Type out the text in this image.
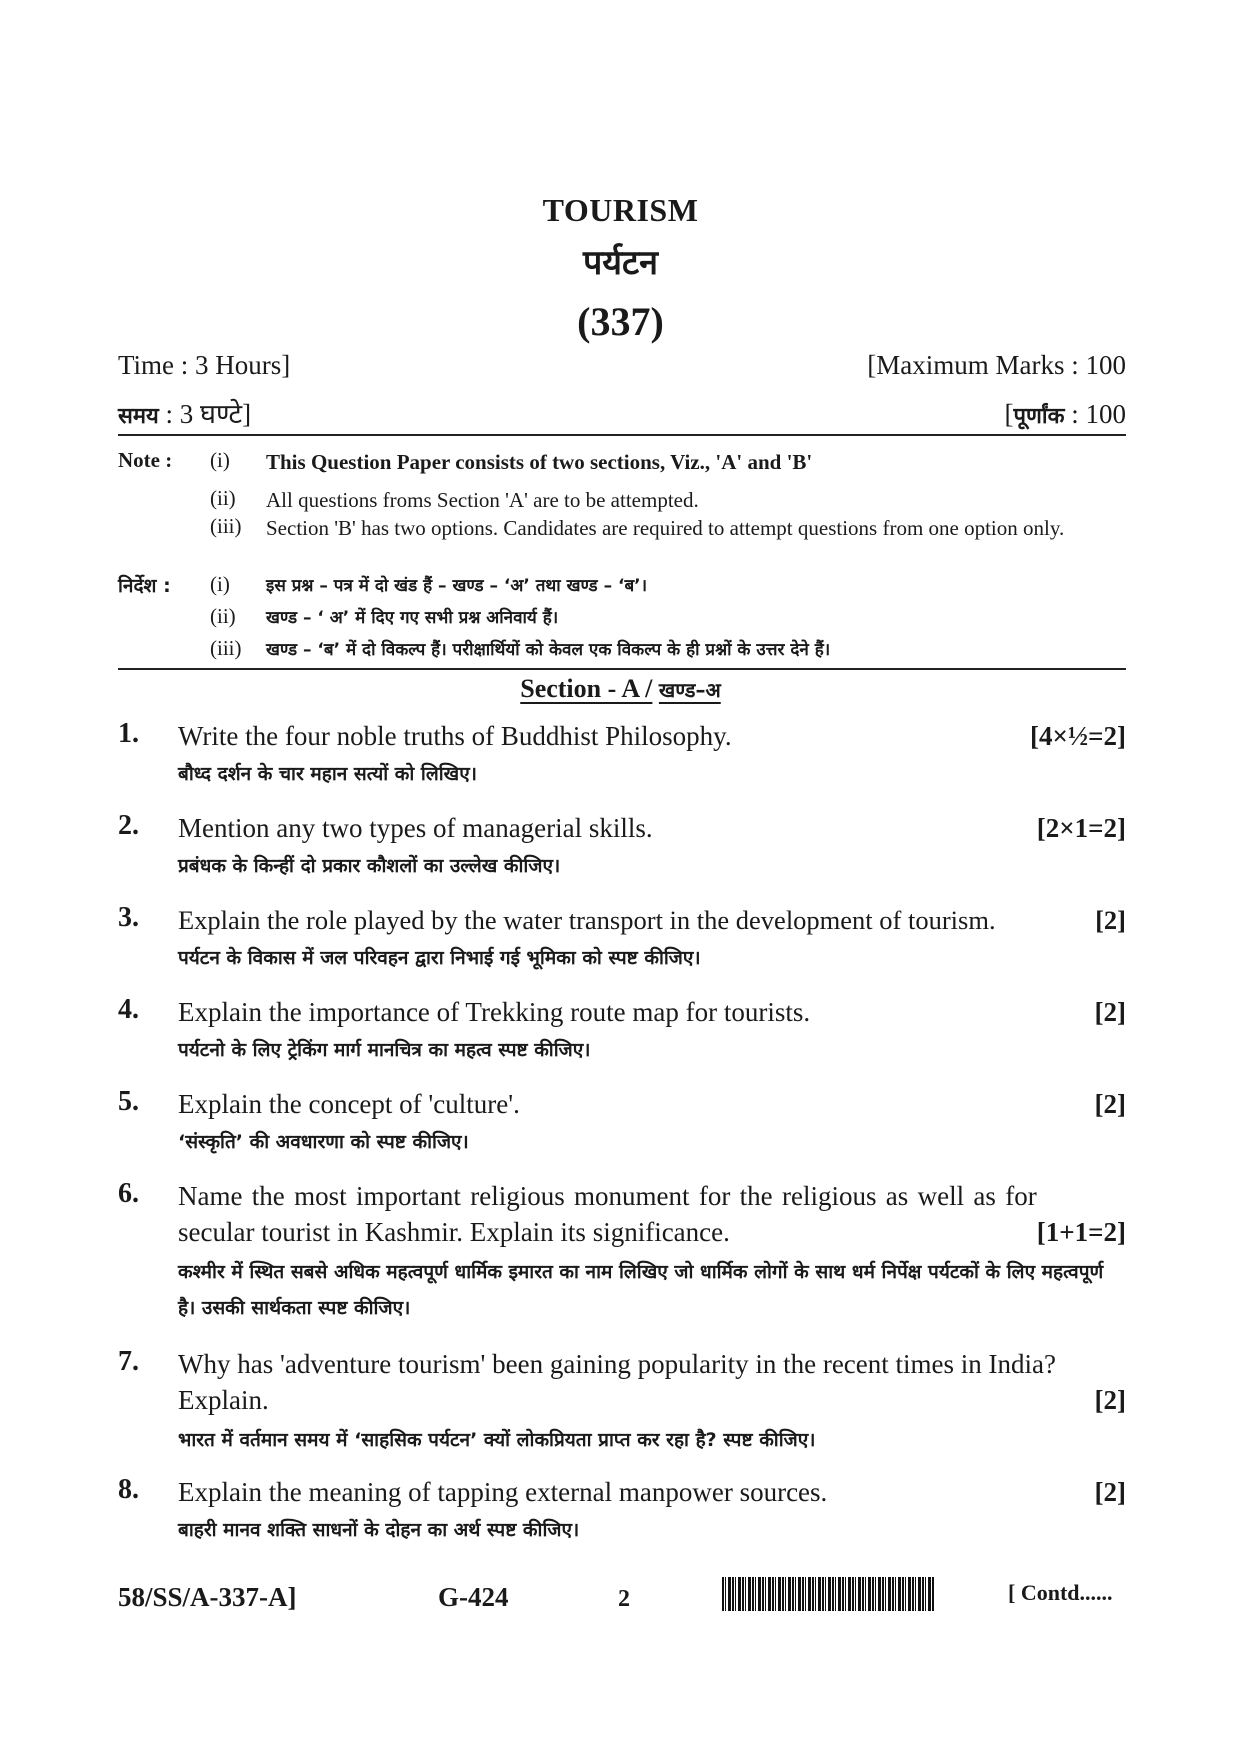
TOURISM
पर्यटन
(337)
Time : 3 Hours]	[Maximum Marks : 100
समय : 3 घण्टे]	[पूर्णांक : 100
Note : (i) This Question Paper consists of two sections, Viz., 'A' and 'B'
(ii) All questions froms Section 'A' are to be attempted.
(iii) Section 'B' has two options. Candidates are required to attempt questions from one option only.
निर्देश : (i) इस प्रश्न – पत्र में दो खंड हैं – खण्ड – ‘अ’ तथा खण्ड – ‘ब’।
(ii) खण्ड – ‘ अ’ में दिए गए सभी प्रश्न अनिवार्य हैं।
(iii) खण्ड – ‘ब’ में दो विकल्प हैं। परीक्षार्थियों को केवल एक विकल्प के ही प्रश्नों के उत्तर देने हैं।
Section - A / खण्ड–अ
1.	[4×½=2]
Write the four noble truths of Buddhist Philosophy.
बौध्द दर्शन के चार महान सत्यों को लिखिए।
2.	[2×1=2]
Mention any two types of managerial skills.
प्रबंधक के किन्हीं दो प्रकार कौशलों का उल्लेख कीजिए।
3.	[2]
Explain the role played by the water transport in the development of tourism.
पर्यटन के विकास में जल परिवहन द्वारा निभाई गई भूमिका को स्पष्ट कीजिए।
4.	[2]
Explain the importance of Trekking route map for tourists.
पर्यटनो के लिए ट्रेकिंग मार्ग मानचित्र का महत्व स्पष्ट कीजिए।
5.	[2]
Explain the concept of 'culture'.
‘संस्कृति’ की अवधारणा को स्पष्ट कीजिए।
6.
[1+1=2]
Name the most important religious monument for the religious as well as for secular tourist in Kashmir. Explain its significance.
कश्मीर में स्थित सबसे अधिक महत्वपूर्ण धार्मिक इमारत का नाम लिखिए जो धार्मिक लोगों के साथ धर्म निर्पेक्ष पर्यटकों के लिए महत्वपूर्ण है। उसकी सार्थकता स्पष्ट कीजिए।
7.
[2]
Why has 'adventure tourism' been gaining popularity in the recent times in India? Explain.
भारत में वर्तमान समय में ‘साहसिक पर्यटन’ क्यों लोकप्रियता प्राप्त कर रहा है? स्पष्ट कीजिए।
8.	[2]
Explain the meaning of tapping external manpower sources.
बाहरी मानव शक्ति साधनों के दोहन का अर्थ स्पष्ट कीजिए।
58/SS/A-337-A]	G-424	2	[ Contd......
